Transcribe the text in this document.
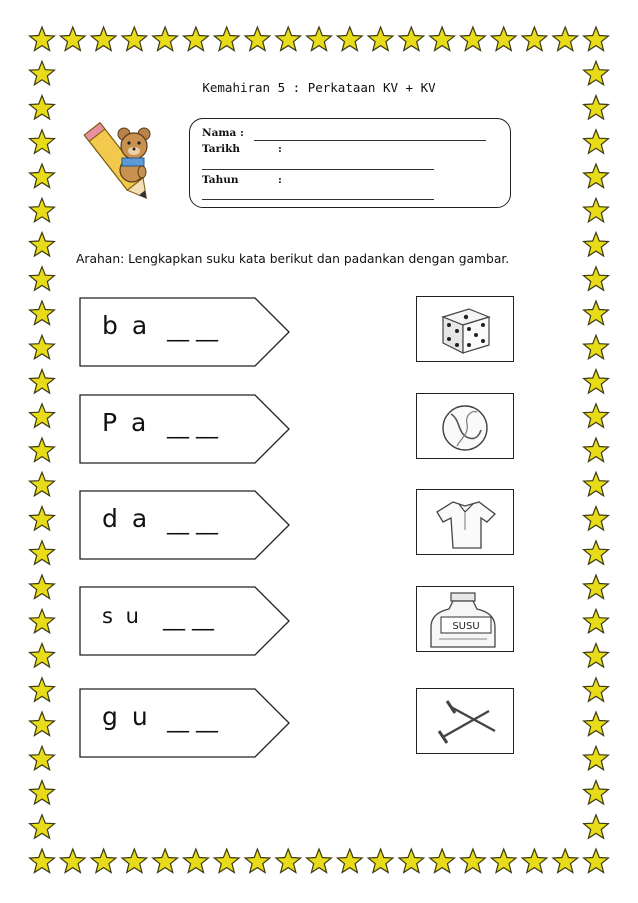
Kemahiran 5 : Perkataan KV + KV
Nama :
Tarikh	:
Tahun	:
Arahan: Lengkapkan suku kata berikut dan padankan dengan gambar.
b a __ __
P a __ __
d a __ __
s u __ __
g u __ __
SUSU
